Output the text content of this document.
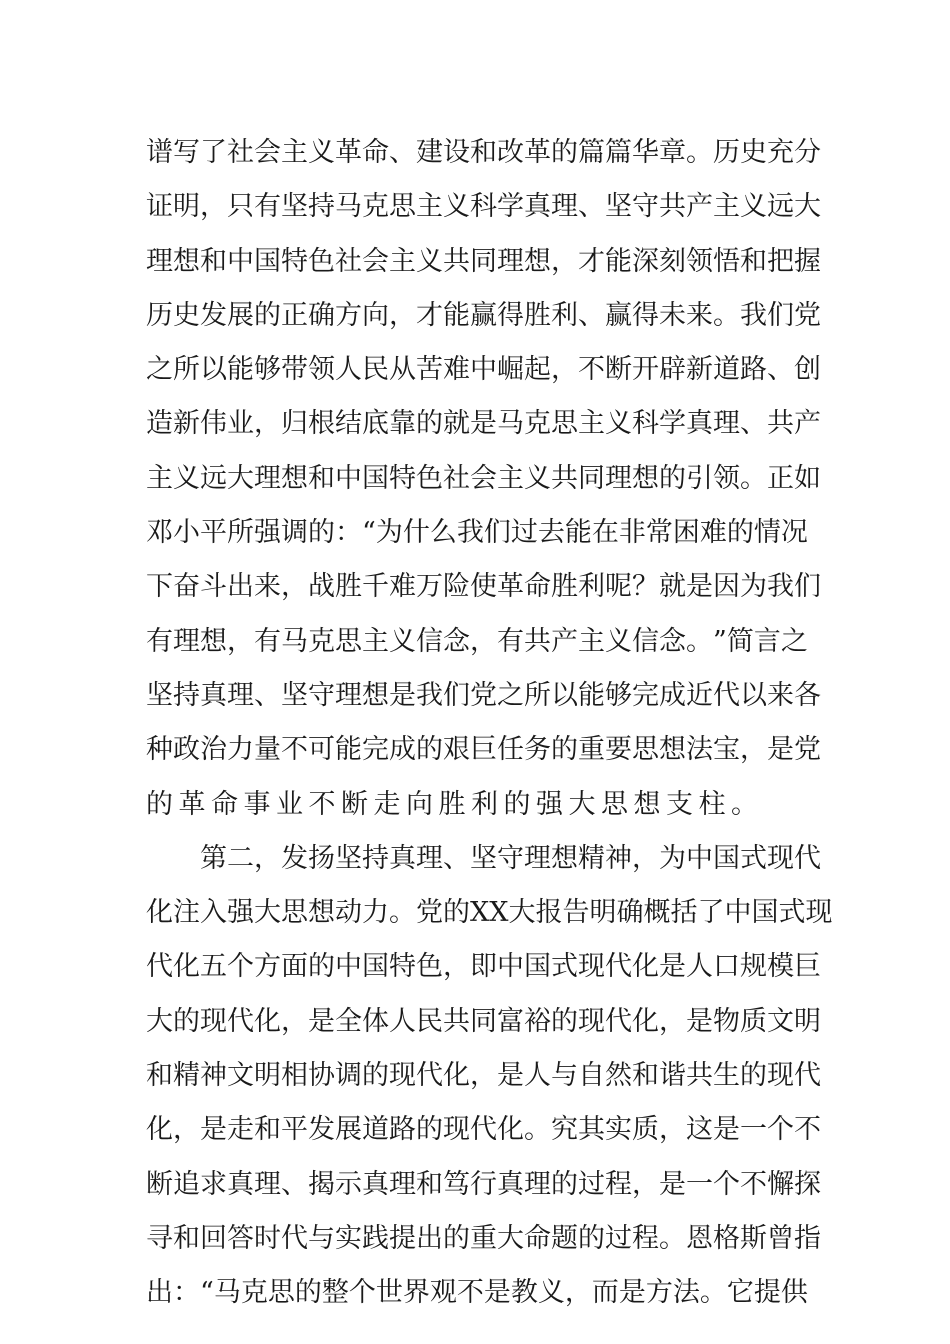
谱 写 了 社 会 主 义 革 命 、 建 设 和 改 革 的 篇 篇 华 章 。 历 史 充 分
证 明 ， 只 有 坚 持 马 克 思 主 义 科 学 真 理 、 坚 守 共 产 主 义 远 大
理 想 和 中 国 特 色 社 会 主 义 共 同 理 想 ， 才 能 深 刻 领 悟 和 把 握
历 史 发 展 的 正 确 方 向 ， 才 能 赢 得 胜 利 、 赢 得 未 来 。 我 们 党
之 所 以 能 够 带 领 人 民 从 苦 难 中 崛 起 ， 不 断 开 辟 新 道 路 、 创
造 新 伟 业 ， 归 根 结 底 靠 的 就 是 马 克 思 主 义 科 学 真 理 、 共 产
主 义 远 大 理 想 和 中 国 特 色 社 会 主 义 共 同 理 想 的 引 领 。 正 如
邓 小 平 所 强 调 的 ： “ 为 什 么 我 们 过 去 能 在 非 常 困 难 的 情 况
下 奋 斗 出 来 ， 战 胜 千 难 万 险 使 革 命 胜 利 呢 ？ 就 是 因 为 我 们
有 理 想 ， 有 马 克 思 主 义 信 念 ， 有 共 产 主 义 信 念 。 ” 简 言 之
坚 持 真 理 、 坚 守 理 想 是 我 们 党 之 所 以 能 够 完 成 近 代 以 来 各
种 政 治 力 量 不 可 能 完 成 的 艰 巨 任 务 的 重 要 思 想 法 宝 ， 是 党
的革命事业不断走向胜利的强大思想支柱。
第 二 ， 发 扬 坚 持 真 理 、 坚 守 理 想 精 神 ， 为 中 国 式 现 代
化 注 入 强 大 思 想 动 力 。 党 的 X X 大 报 告 明 确 概 括 了 中 国 式 现
代 化 五 个 方 面 的 中 国 特 色 ， 即 中 国 式 现 代 化 是 人 口 规 模 巨
大 的 现 代 化 ， 是 全 体 人 民 共 同 富 裕 的 现 代 化 ， 是 物 质 文 明
和 精 神 文 明 相 协 调 的 现 代 化 ， 是 人 与 自 然 和 谐 共 生 的 现 代
化 ， 是 走 和 平 发 展 道 路 的 现 代 化 。 究 其 实 质 ， 这 是 一 个 不
断 追 求 真 理 、 揭 示 真 理 和 笃 行 真 理 的 过 程 ， 是 一 个 不 懈 探
寻 和 回 答 时 代 与 实 践 提 出 的 重 大 命 题 的 过 程 。 恩 格 斯 曾 指
出 ： “ 马 克 思 的 整 个 世 界 观 不 是 教 义 ， 而 是 方 法 。 它 提 供
